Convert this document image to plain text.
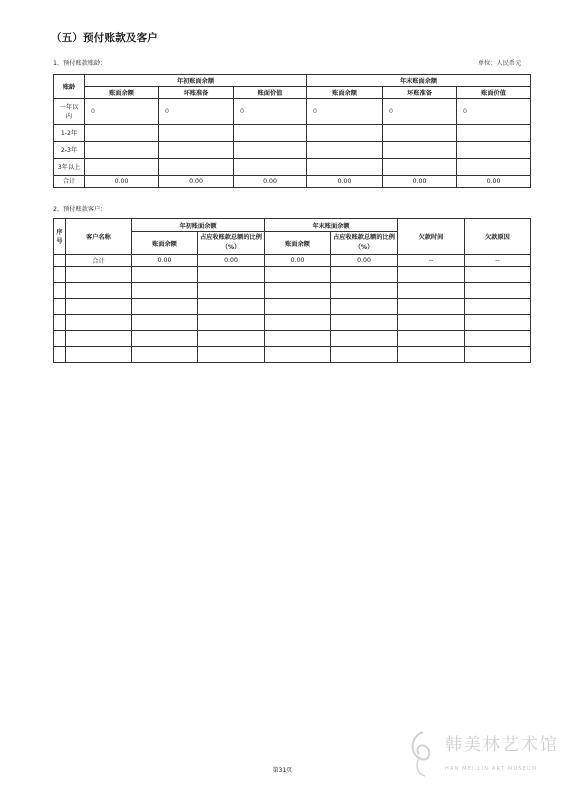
（五）预付账款及客户
1、预付账款账龄：	单位：人民币元
账龄	年初账面余额			年末账面余额		
	账面余额	坏账准备	账面价值	账面余额	坏账准备	账面价值
一年以内	0	0	0	0	0	0
1-2年						
2-3年						
3年以上						
合计	0.00	0.00	0.00	0.00	0.00	0.00
2、预付账款客户：
序号	客户名称	年初账面余额		年末账面余额		欠款时间	欠款原因
		账面余额	占应收账款总额的比例（%）	账面余额	占应收账款总额的比例（%）		
	合计	0.00	0.00	0.00	0.00	--	--

第31页
韩美林艺术馆
HAN MEI LIN ART MUSEUM
